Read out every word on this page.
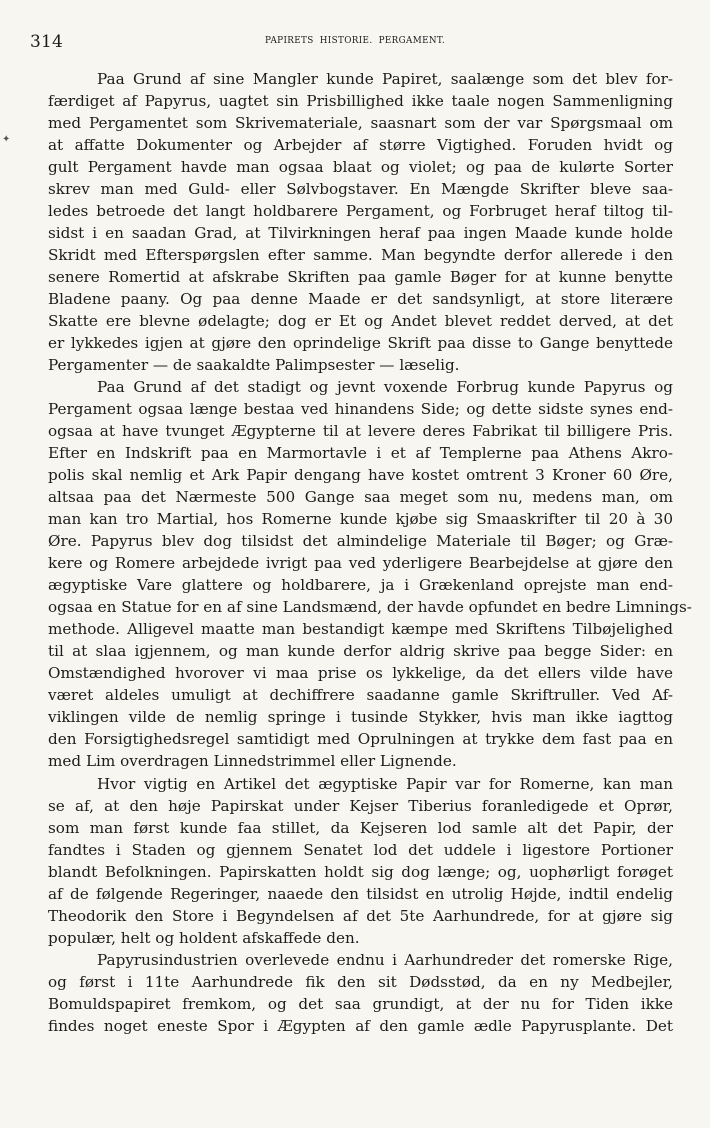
314	PAPIRETS HISTORIE. PERGAMENT.
✦
Paa Grund af sine Mangler kunde Papiret, saalænge som det blev for-
færdiget af Papyrus, uagtet sin Prisbillighed ikke taale nogen Sammenligning
med Pergamentet som Skrivemateriale, saasnart som der var Spørgsmaal om
at affatte Dokumenter og Arbejder af større Vigtighed. Foruden hvidt og
gult Pergament havde man ogsaa blaat og violet; og paa de kulørte Sorter
skrev man med Guld- eller Sølvbogstaver. En Mængde Skrifter bleve saa-
ledes betroede det langt holdbarere Pergament, og Forbruget heraf tiltog til-
sidst i en saadan Grad, at Tilvirkningen heraf paa ingen Maade kunde holde
Skridt med Efterspørgslen efter samme. Man begyndte derfor allerede i den
senere Romertid at afskrabe Skriften paa gamle Bøger for at kunne benytte
Bladene paany. Og paa denne Maade er det sandsynligt, at store literære
Skatte ere blevne ødelagte; dog er Et og Andet blevet reddet derved, at det
er lykkedes igjen at gjøre den oprindelige Skrift paa disse to Gange benyttede
Pergamenter — de saakaldte Palimpsester — læselig.
Paa Grund af det stadigt og jevnt voxende Forbrug kunde Papyrus og
Pergament ogsaa længe bestaa ved hinandens Side; og dette sidste synes end-
ogsaa at have tvunget Ægypterne til at levere deres Fabrikat til billigere Pris.
Efter en Indskrift paa en Marmortavle i et af Templerne paa Athens Akro-
polis skal nemlig et Ark Papir dengang have kostet omtrent 3 Kroner 60 Øre,
altsaa paa det Nærmeste 500 Gange saa meget som nu, medens man, om
man kan tro Martial, hos Romerne kunde kjøbe sig Smaaskrifter til 20 à 30
Øre. Papyrus blev dog tilsidst det almindelige Materiale til Bøger; og Græ-
kere og Romere arbejdede ivrigt paa ved yderligere Bearbejdelse at gjøre den
ægyptiske Vare glattere og holdbarere, ja i Grækenland oprejste man end-
ogsaa en Statue for en af sine Landsmænd, der havde opfundet en bedre Limnings-
methode. Alligevel maatte man bestandigt kæmpe med Skriftens Tilbøjelighed
til at slaa igjennem, og man kunde derfor aldrig skrive paa begge Sider: en
Omstændighed hvorover vi maa prise os lykkelige, da det ellers vilde have
været aldeles umuligt at dechiffrere saadanne gamle Skriftruller. Ved Af-
viklingen vilde de nemlig springe i tusinde Stykker, hvis man ikke iagttog
den Forsigtighedsregel samtidigt med Oprulningen at trykke dem fast paa en
med Lim overdragen Linnedstrimmel eller Lignende.
Hvor vigtig en Artikel det ægyptiske Papir var for Romerne, kan man
se af, at den høje Papirskat under Kejser Tiberius foranledigede et Oprør,
som man først kunde faa stillet, da Kejseren lod samle alt det Papir, der
fandtes i Staden og gjennem Senatet lod det uddele i ligestore Portioner
blandt Befolkningen. Papirskatten holdt sig dog længe; og, uophørligt forøget
af de følgende Regeringer, naaede den tilsidst en utrolig Højde, indtil endelig
Theodorik den Store i Begyndelsen af det 5te Aarhundrede, for at gjøre sig
populær, helt og holdent afskaffede den.
Papyrusindustrien overlevede endnu i Aarhundreder det romerske Rige,
og først i 11te Aarhundrede fik den sit Dødsstød, da en ny Medbejler,
Bomuldspapiret fremkom, og det saa grundigt, at der nu for Tiden ikke
findes noget eneste Spor i Ægypten af den gamle ædle Papyrusplante. Det
